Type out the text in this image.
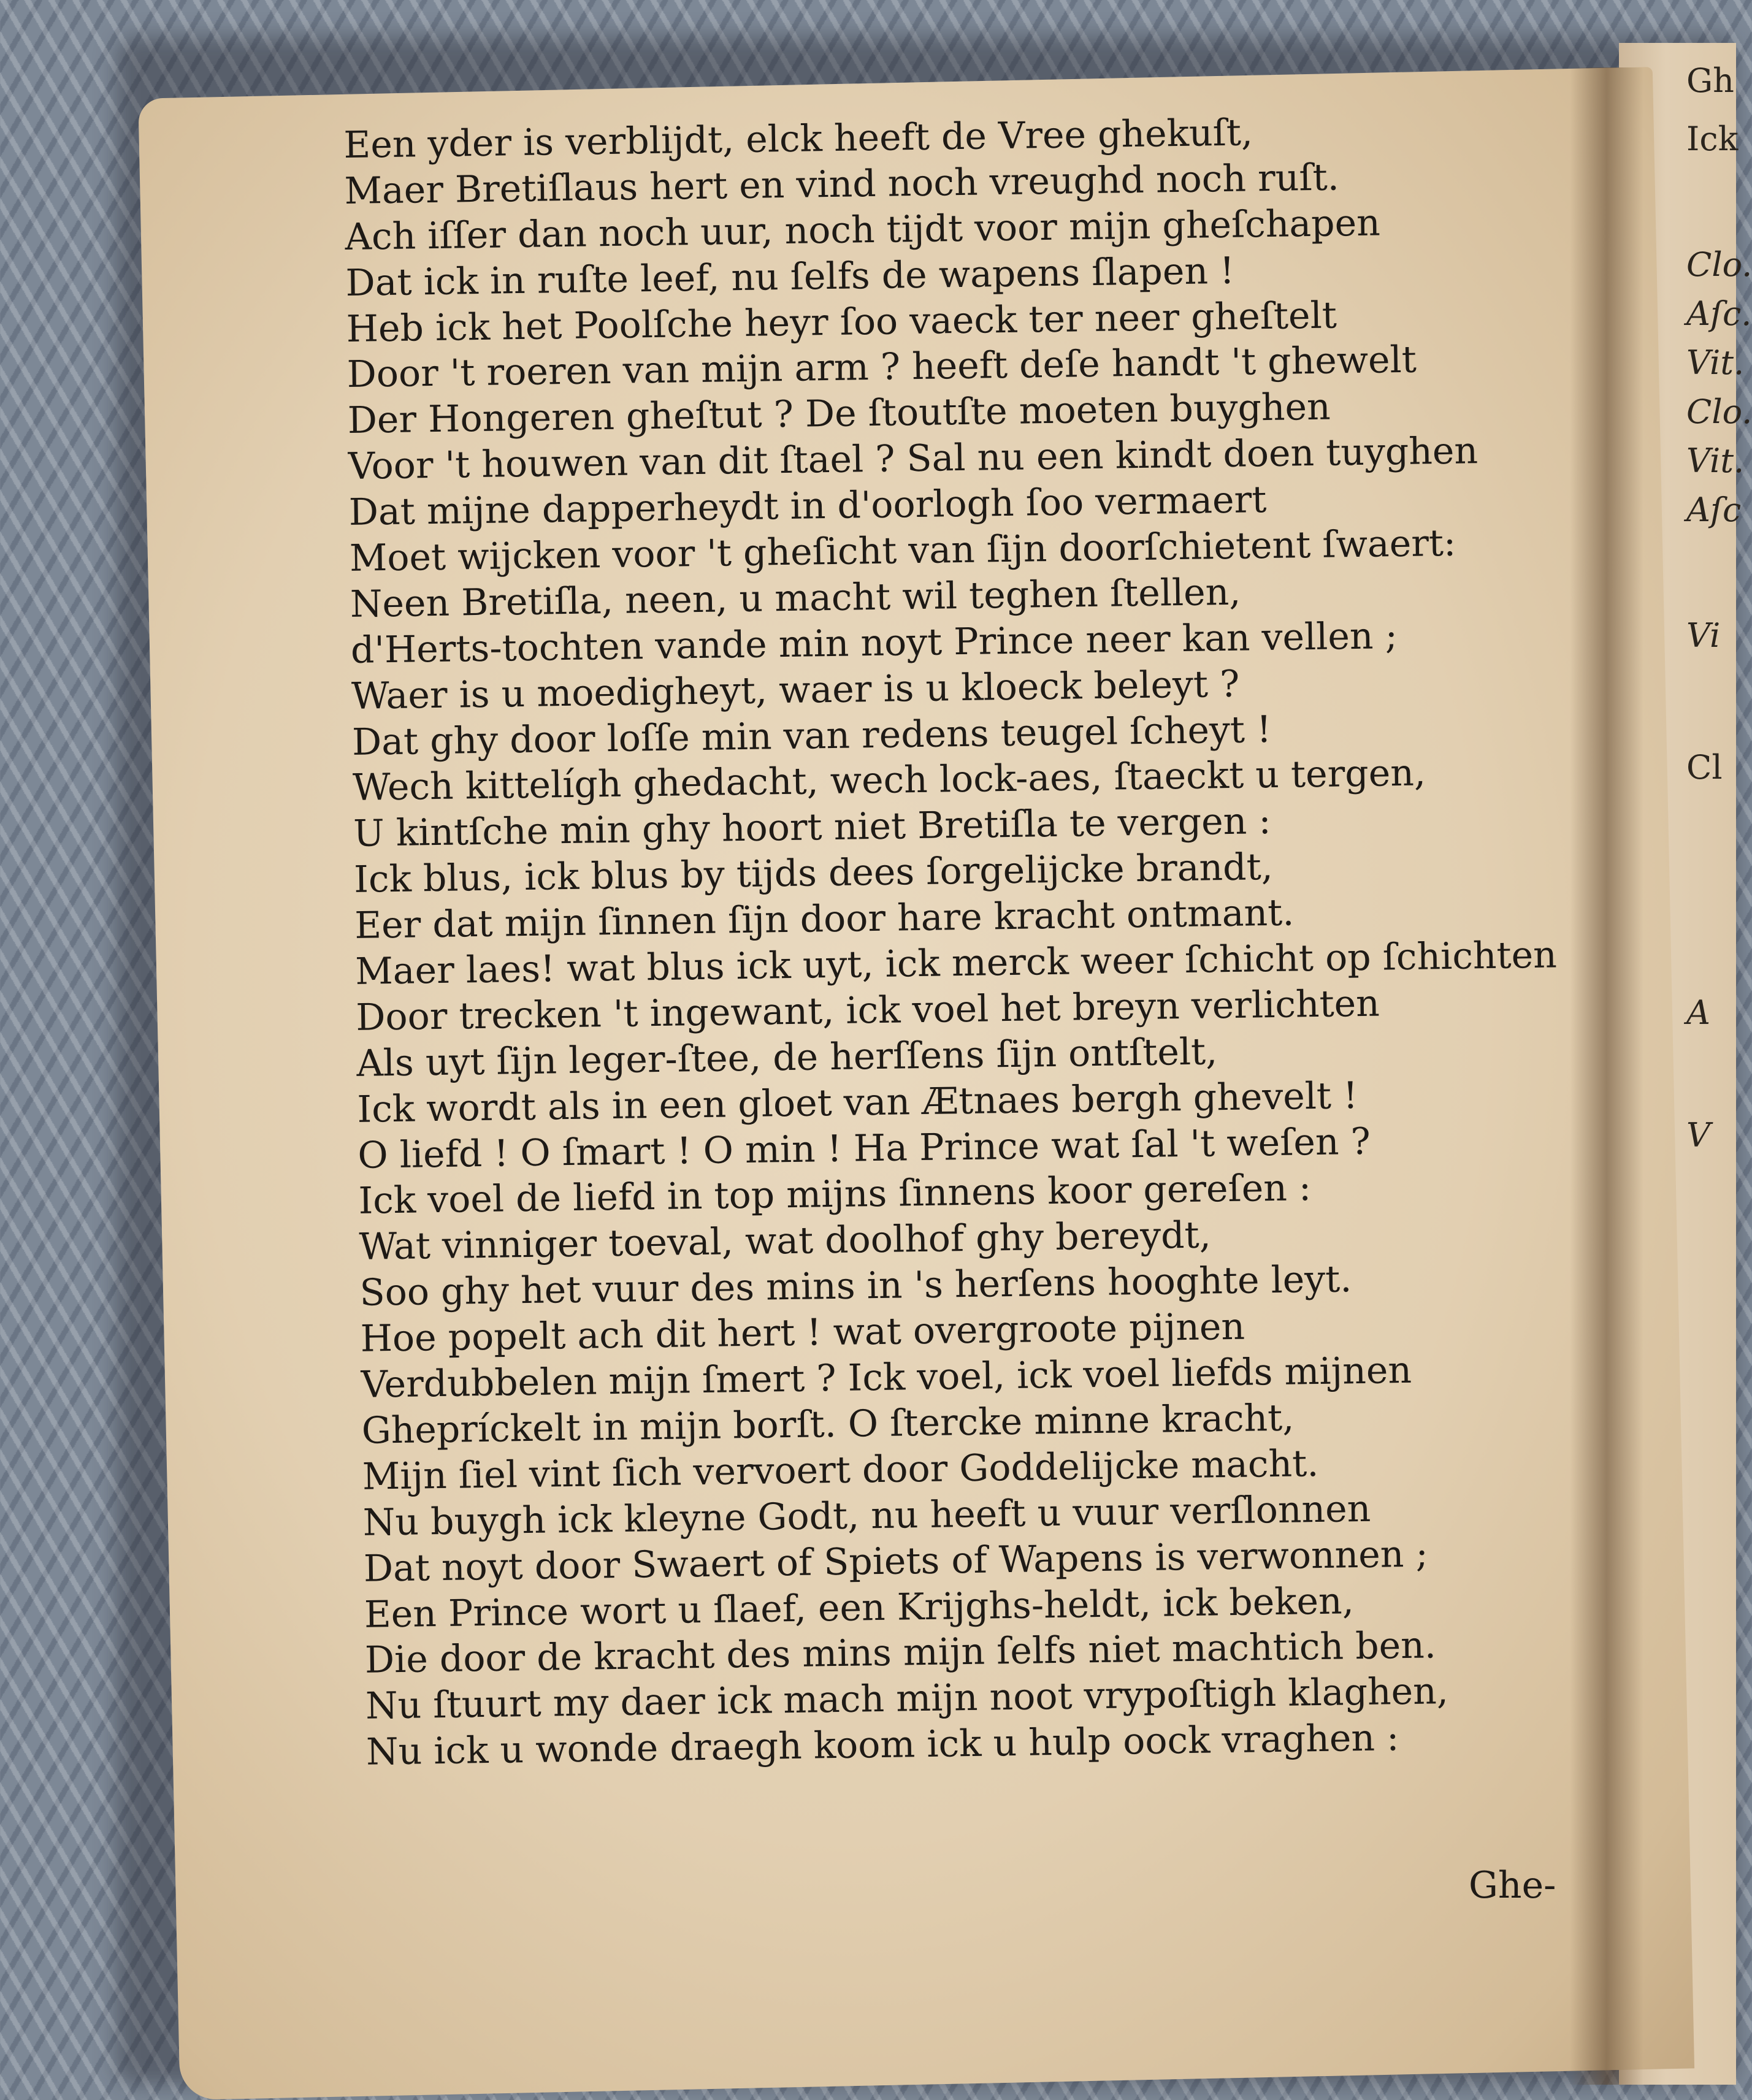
Een yder is verblijdt, elck heeft de Vree ghekuſt,
Maer Bretiſlaus hert en vind noch vreughd noch ruſt.
Ach iſſer dan noch uur, noch tijdt voor mijn gheſchapen
Dat ick in ruſte leef, nu ſelfs de wapens ſlapen !
Heb ick het Poolſche heyr ſoo vaeck ter neer gheſtelt
Door 't roeren van mijn arm ? heeft deſe handt 't ghewelt
Der Hongeren gheſtut ? De ſtoutſte moeten buyghen
Voor 't houwen van dit ſtael ? Sal nu een kindt doen tuyghen
Dat mijne dapperheydt in d'oorlogh ſoo vermaert
Moet wijcken voor 't gheſicht van ſijn doorſchietent ſwaert:
Neen Bretiſla, neen, u macht wil teghen ſtellen,
d'Herts-tochten vande min noyt Prince neer kan vellen ;
Waer is u moedigheyt, waer is u kloeck beleyt ?
Dat ghy door loſſe min van redens teugel ſcheyt !
Wech kittelígh ghedacht, wech lock-aes, ſtaeckt u tergen,
U kintſche min ghy hoort niet Bretiſla te vergen :
Ick blus, ick blus by tijds dees ſorgelijcke brandt,
Eer dat mijn ſinnen ſijn door hare kracht ontmant.
Maer laes! wat blus ick uyt, ick merck weer ſchicht op ſchichten
Door trecken 't ingewant, ick voel het breyn verlichten
Als uyt ſijn leger-ſtee, de herſſens ſijn ontſtelt,
Ick wordt als in een gloet van Ætnaes bergh ghevelt !
O liefd ! O ſmart ! O min ! Ha Prince wat ſal 't weſen ?
Ick voel de liefd in top mijns ſinnens koor gereſen :
Wat vinniger toeval, wat doolhof ghy bereydt,
Soo ghy het vuur des mins in 's herſens hooghte leyt.
Hoe popelt ach dit hert ! wat overgroote pijnen
Verdubbelen mijn ſmert ? Ick voel, ick voel liefds mijnen
Ghepríckelt in mijn borſt. O ſtercke minne kracht,
Mijn ſiel vint ſich vervoert door Goddelijcke macht.
Nu buygh ick kleyne Godt, nu heeft u vuur verſlonnen
Dat noyt door Swaert of Spiets of Wapens is verwonnen ;
Een Prince wort u ſlaef, een Krijghs-heldt, ick beken,
Die door de kracht des mins mijn ſelfs niet machtich ben.
Nu ſtuurt my daer ick mach mijn noot vrypoſtigh klaghen,
Nu ick u wonde draegh koom ick u hulp oock vraghen :
Ghe-
Gh
Ick
Clo.
Aſc.
Vit.
Clo.
Vit.
Aſc
Vi
Cl
A
V
